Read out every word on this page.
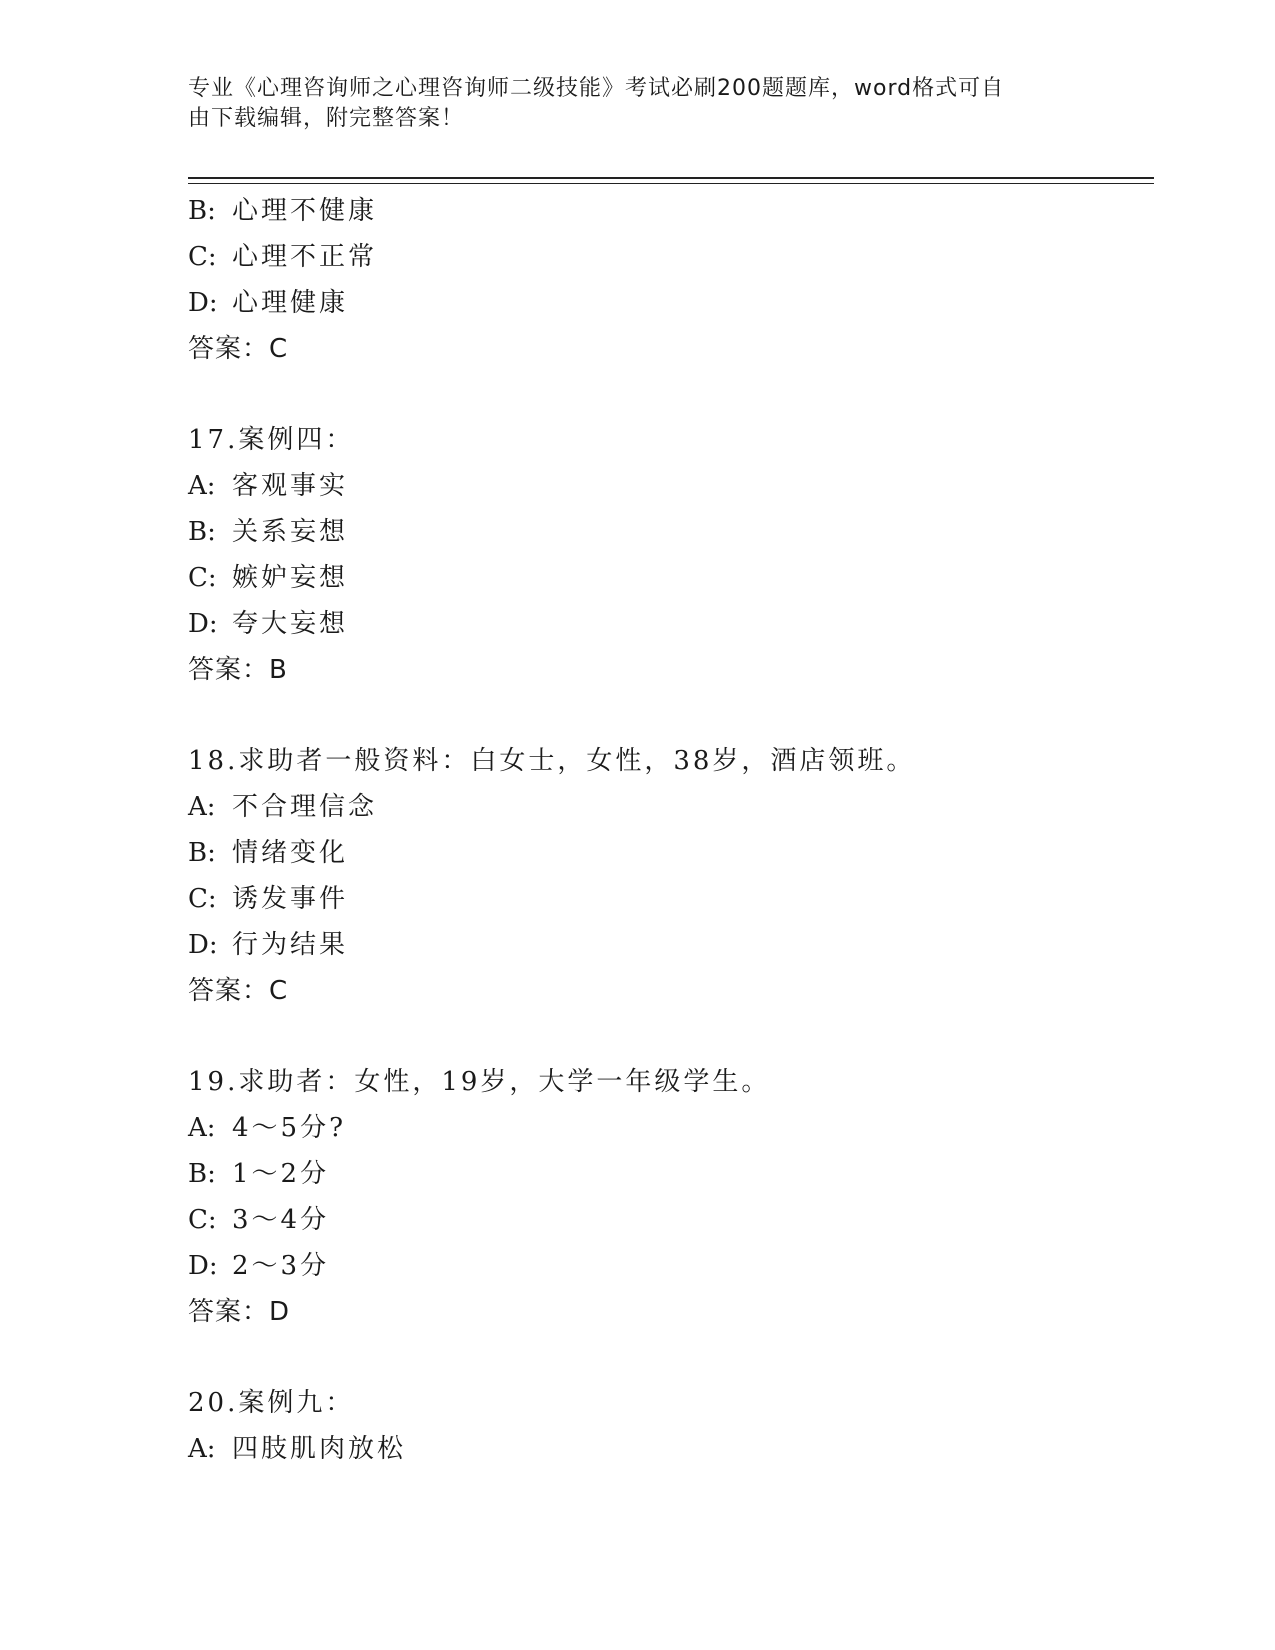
专业《心理咨询师之心理咨询师二级技能》考试必刷200题题库，word格式可自
由下载编辑，附完整答案！
B: 心理不健康
C: 心理不正常
D: 心理健康
答案：C
17.案例四：
A: 客观事实
B: 关系妄想
C: 嫉妒妄想
D: 夸大妄想
答案：B
18.求助者一般资料：白女士，女性，38岁，酒店领班。
A: 不合理信念
B: 情绪变化
C: 诱发事件
D: 行为结果
答案：C
19.求助者：女性，19岁，大学一年级学生。
A: 4～5分?
B: 1～2分
C: 3～4分
D: 2～3分
答案：D
20.案例九：
A: 四肢肌肉放松
